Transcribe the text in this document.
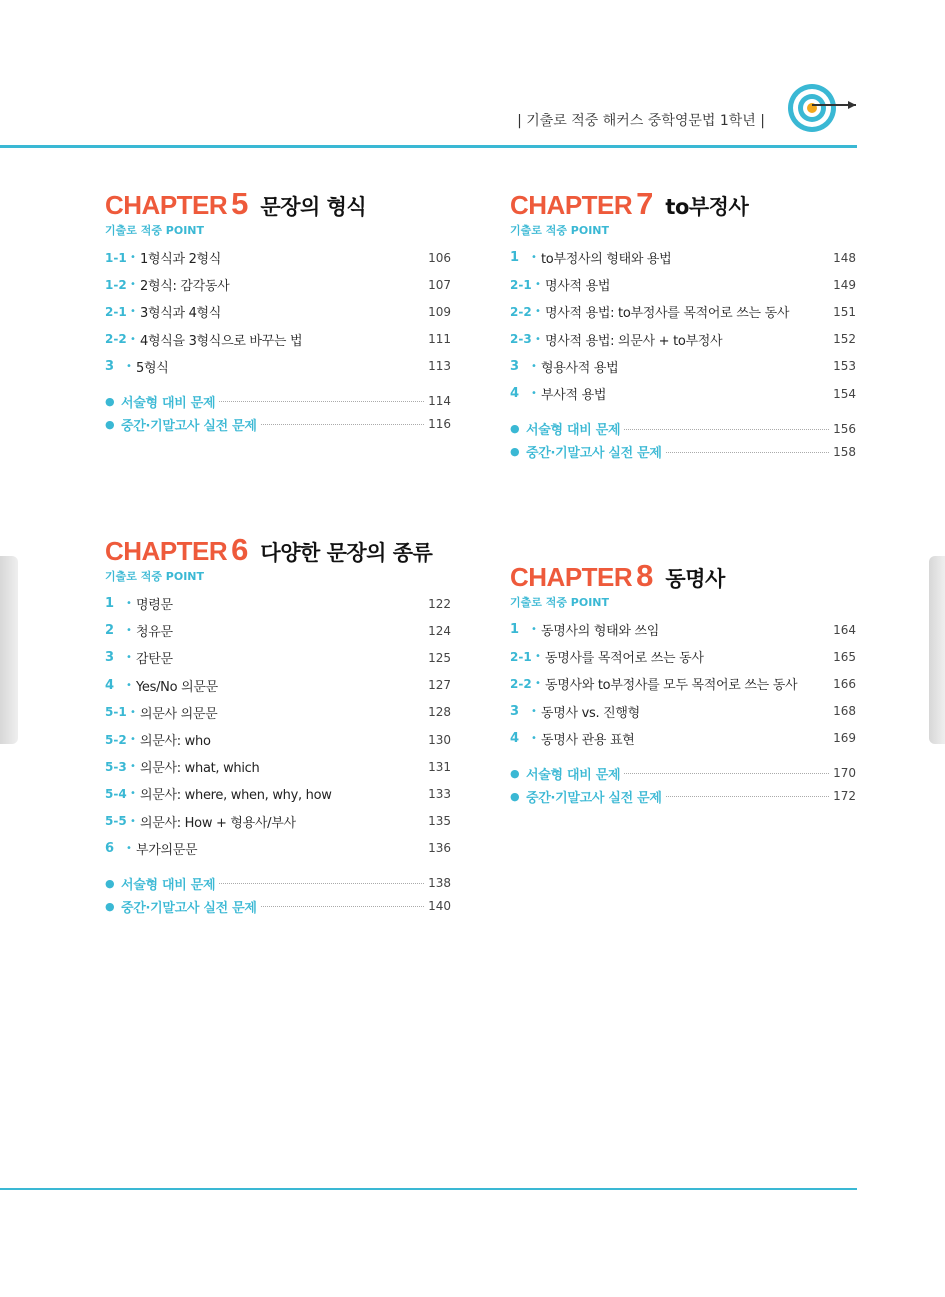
| 기출로 적중 해커스 중학영문법 1학년 |
CHAPTER 5 문장의 형식
기출로 적중 POINT
1-1 • 1형식과 2형식	106
1-2 • 2형식: 감각동사	107
2-1 • 3형식과 4형식	109
2-2 • 4형식을 3형식으로 바꾸는 법	111
3	• 5형식	113
● 서술형 대비 문제	114
● 중간·기말고사 실전 문제	116
CHAPTER 7 to부정사
기출로 적중 POINT
1	• to부정사의 형태와 용법	148
2-1 • 명사적 용법	149
2-2 • 명사적 용법: to부정사를 목적어로 쓰는 동사	151
2-3 • 명사적 용법: 의문사 + to부정사	152
3	• 형용사적 용법	153
4	• 부사적 용법	154
● 서술형 대비 문제	156
● 중간·기말고사 실전 문제	158
CHAPTER 6 다양한 문장의 종류
기출로 적중 POINT
1	• 명령문	122
2	• 청유문	124
3	• 감탄문	125
4	• Yes/No 의문문	127
5-1 • 의문사 의문문	128
5-2 • 의문사: who	130
5-3 • 의문사: what, which	131
5-4 • 의문사: where, when, why, how	133
5-5 • 의문사: How + 형용사/부사	135
6	• 부가의문문	136
● 서술형 대비 문제	138
● 중간·기말고사 실전 문제	140
CHAPTER 8 동명사
기출로 적중 POINT
1	• 동명사의 형태와 쓰임	164
2-1 • 동명사를 목적어로 쓰는 동사	165
2-2 • 동명사와 to부정사를 모두 목적어로 쓰는 동사	166
3	• 동명사 vs. 진행형	168
4	• 동명사 관용 표현	169
● 서술형 대비 문제	170
● 중간·기말고사 실전 문제	172
